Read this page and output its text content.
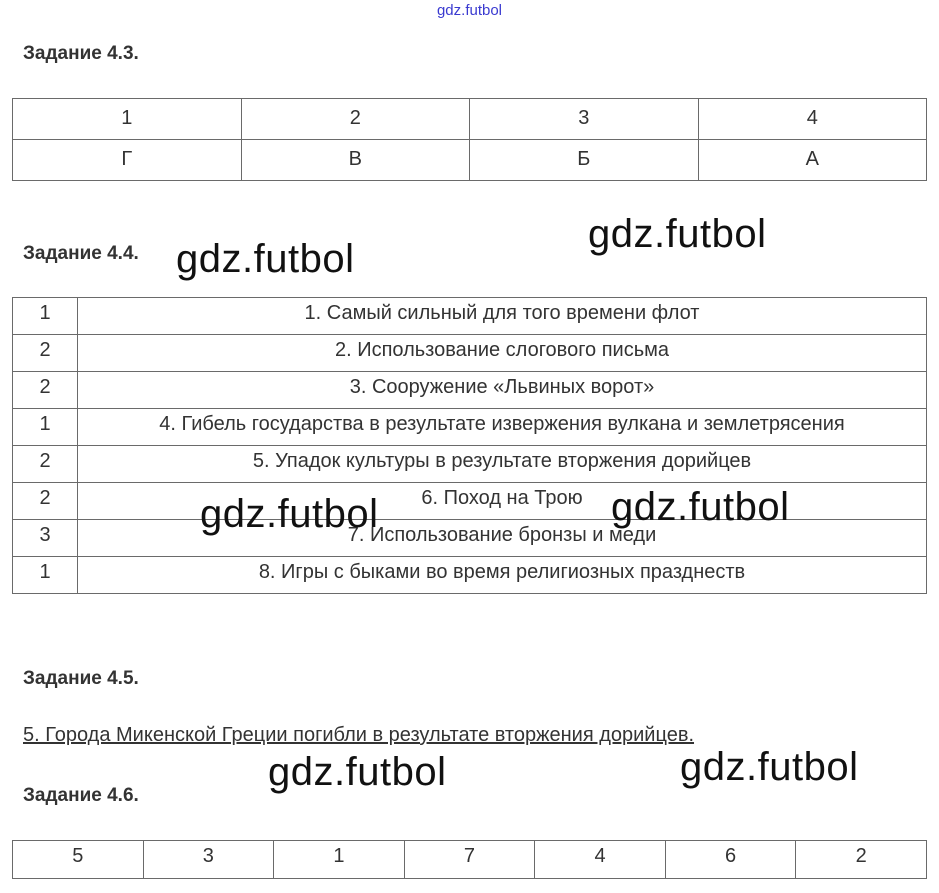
gdz.futbol
Задание 4.3.
1	2	3	4
Г	В	Б	А
Задание 4.4.
1	1. Самый сильный для того времени флот
2	2. Использование слогового письма
2	3. Сооружение «Львиных ворот»
1	4. Гибель государства в результате извержения вулкана и землетрясения
2	5. Упадок культуры в результате вторжения дорийцев
2	6. Поход на Трою
3	7. Использование бронзы и меди
1	8. Игры с быками во время религиозных празднеств
Задание 4.5.
5. Города Микенской Греции погибли в результате вторжения дорийцев.
Задание 4.6.
5	3	1	7	4	6	2
gdz.futbol
gdz.futbol
gdz.futbol	gdz.futbol
gdz.futbol	gdz.futbol
